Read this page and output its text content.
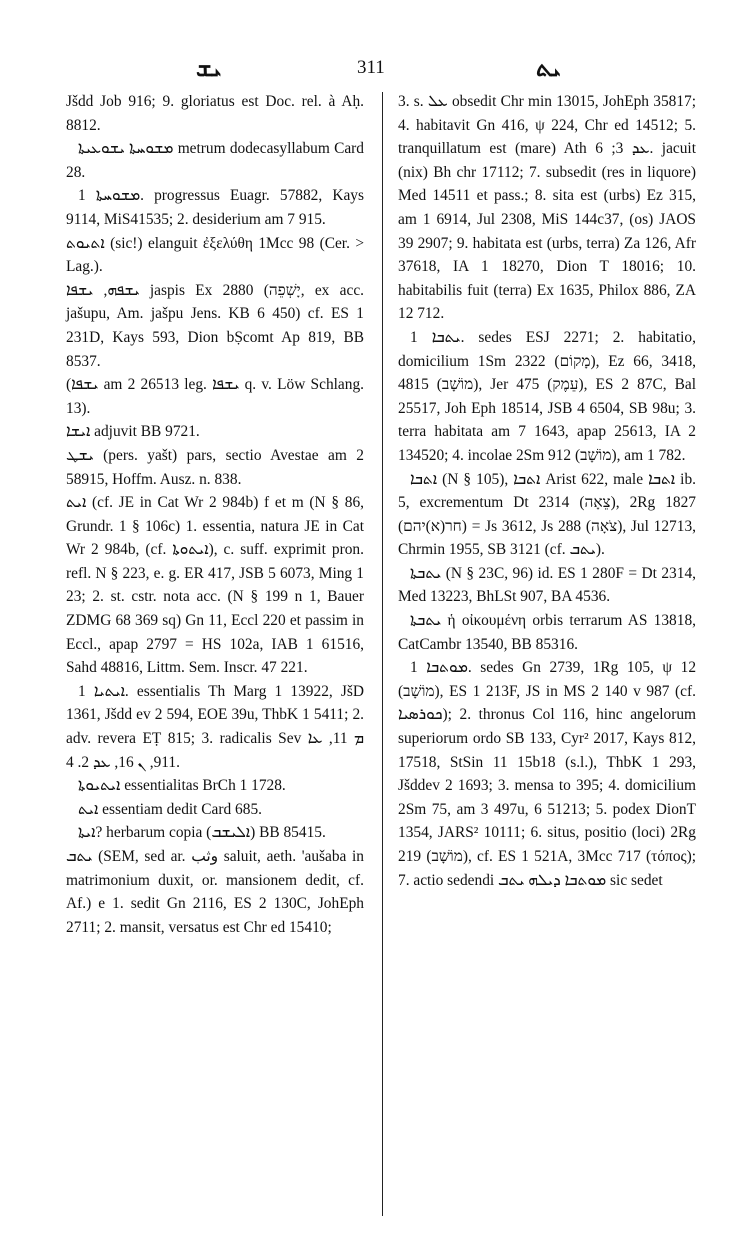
ܝܫ	311	ܝܬ

Jšdd Job 916; 9. gloriatus est Doc. rel. à Aḥ. 8812.

ܡܫܘܚܬܐ ܝܫܘܥܝܬܐ metrum dodecasyllabum Card 28.

ܡܫܘܚܬܐ 1. progressus Euagr. 57882, Kays 9114, MiS41535; 2. desiderium am 7 915.

ܐܬܝܘܬ (sic!) elanguit ἐξελύθη 1Mcc 98 (Cer. > Lag.).

ܝܫܦܗ, ܝܫܦܐ jaspis Ex 2880 (יָשְׁפֵה, ex acc. jašupu, Am. jašpu Jens. KB 6 450) cf. ES 1 231D, Kays 593, Dion bṢcomt Ap 819, BB 8537.

(ܝܫܦܐ am 2 26513 leg. ܝܫܦܐ q. v. Löw Schlang. 13).

ܐܝܫܐ adjuvit BB 9721.

ܝܫܛ (pers. yašt) pars, sectio Avestae am 2 58915, Hoffm. Ausz. n. 838.

ܐܝܬ (cf. JE in Cat Wr 2 984b) f et m (N § 86, Grundr. 1 § 106c) 1. essentia, natura JE in Cat Wr 2 984b, (cf. ܐܝܬܘܬܐ), c. suff. exprimit pron. refl. N § 223, e. g. ER 417, JSB 5 6073, Ming 1 23; 2. st. cstr. nota acc. (N § 199 n 1, Bauer ZDMG 68 369 sq) Gn 11, Eccl 220 et passim in Eccl., apap 2797 = HS 102a, IAB 1 61516, Sahd 48816, Littm. Sem. Inscr. 47 221.

ܐܝܬܝܐ 1. essentialis Th Marg 1 13922, JšD 1361, Jšdd ev 2 594, EOE 39u, ThbK 1 5411; 2. adv. revera EṬ 815; 3. radicalis Sev ܡ 11, ܥܐ 911, ܢ 16, ܥܕ 2. 4.

ܐܝܬܝܘܬܐ essentialitas BrCh 1 1728.

ܐܝܬ essentiam dedit Card 685.

ܐܝܬܐ? herbarum copia (ܐܠܝܫܒ) BB 85415.

ܝܬܒ (SEM, sed ar. وثب saluit, aeth. 'aušaba in matrimonium duxit, or. mansionem dedit, cf. Af.) e 1. sedit Gn 2116, ES 2 130C, JohEph 2711; 2. mansit, versatus est Chr ed 15410;

3. s. ܥܠ obsedit Chr min 13015, JohEph 35817; 4. habitavit Gn 416, ψ 224, Chr ed 14512; 5. tranquillatum est (mare) Ath ܥܕ 3; 6. jacuit (nix) Bh chr 17112; 7. subsedit (res in liquore) Med 14511 et pass.; 8. sita est (urbs) Ez 315, am 1 6914, Jul 2308, MiS 144c37, (os) JAOS 39 2907; 9. habitata est (urbs, terra) Za 126, Afr 37618, IA 1 18270, Dion T 18016; 10. habitabilis fuit (terra) Ex 1635, Philox 886, ZA 12 712.

ܝܬܒܐ 1. sedes ESJ 2271; 2. habitatio, domicilium 1Sm 2322 (מָקוֹם), Ez 66, 3418, 4815 (מוֹשָׁב), Jer 475 (עֵמֶק), ES 2 87C, Bal 25517, Joh Eph 18514, JSB 4 6504, SB 98u; 3. terra habitata am 7 1643, apap 25613, IA 2 134520; 4. incolae 2Sm 912 (מוֹשָׁב), am 1 782.

ܐܬܒܐ (N § 105), ܐܬܒܐ Arist 622, male ܐܬܒܐ ib. 5, excrementum Dt 2314 (צֵאָה), 2Rg 1827 (חר(א)יהם) = Js 3612, Js 288 (צֹאָה), Jul 12713, Chrmin 1955, SB 3121 (cf. ܝܬܒ).

ܝܬܒܬܐ (N § 23C, 96) id. ES 1 280F = Dt 2314, Med 13223, BhLSt 907, BA 4536.

ܝܬܒܬܐ ἡ οἰκουμένη orbis terrarum AS 13818, CatCambr 13540, BB 85316.

ܡܘܬܒܐ 1. sedes Gn 2739, 1Rg 105, ψ 12 (מוֹשָׁב), ES 1 213F, JS in MS 2 140 v 987 (cf. ܟܘܪܣܝܐ); 2. thronus Col 116, hinc angelorum superiorum ordo SB 133, Cyr² 2017, Kays 812, 17518, StSin 11 15b18 (s.l.), ThbK 1 293, Jšddev 2 1693; 3. mensa to 395; 4. domicilium 2Sm 75, am 3 497u, 6 51213; 5. podex DionT 1354, JARS² 10111; 6. situs, positio (loci) 2Rg 219 (מוֹשָׁב), cf. ES 1 521A, 3Mcc 717 (τόπος); 7. actio sedendi ܡܘܬܒܐ ܕܝܠܗ ܝܬܒ sic sedet
